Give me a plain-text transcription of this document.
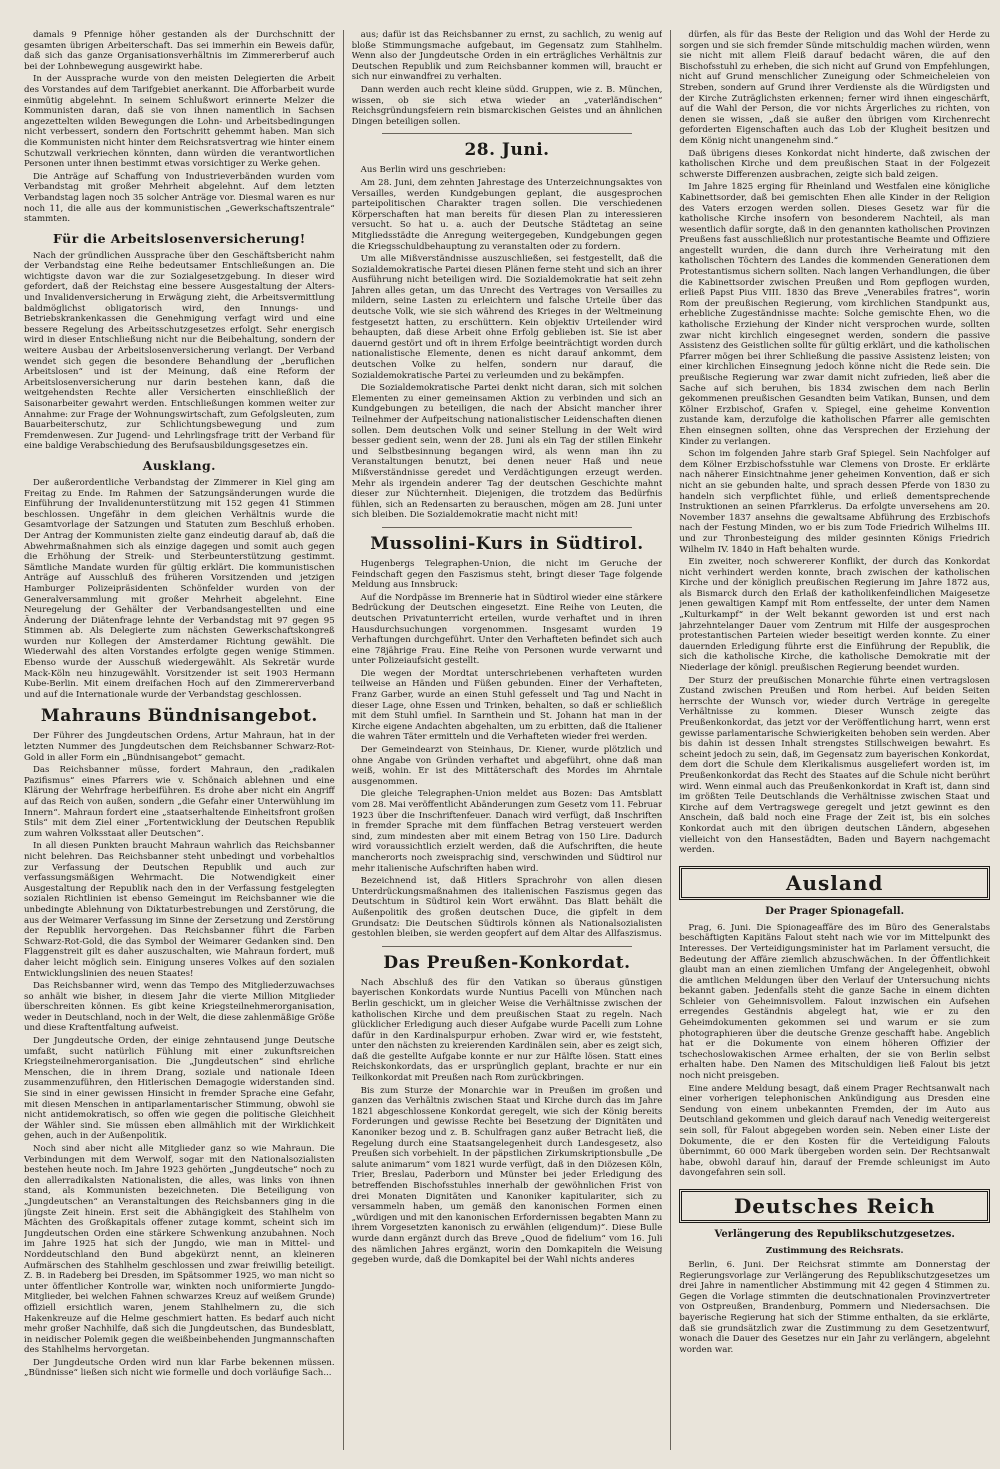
damals 9 Pfennige höher gestanden als der Durchschnitt der gesamten übrigen Arbeiterschaft. Das sei immerhin ein Beweis dafür, daß sich das ganze Organisationsverhältnis im Zimmererberuf auch bei der Lohnbewegung ausgewirkt habe.

In der Aussprache wurde von den meisten Delegierten die Arbeit des Vorstandes auf dem Tarifgebiet anerkannt. Die Afforbarbeit wurde einmütig abgelehnt. In seinem Schlußwort erinnerte Melzer die Kommunisten daran, daß sie von ihnen namentlich in Sachsen angezettelten wilden Bewegungen die Lohn- und Arbeitsbedingungen nicht verbessert, sondern den Fortschritt gehemmt haben. Man sich die Kommunisten nicht hinter dem Reichsratsvertrag wie hinter einem Schutzwall verkriechen könnten, dann würden die verantwortlichen Personen unter ihnen bestimmt etwas vorsichtiger zu Werke gehen.

Die Anträge auf Schaffung von Industrieverbänden wurden vom Verbandstag mit großer Mehrheit abgelehnt. Auf dem letzten Verbandstag lagen noch 35 solcher Anträge vor. Diesmal waren es nur noch 11, die alle aus der kommunistischen „Gewerkschaftszentrale“ stammten.

Für die Arbeitslosenversicherung!

Nach der gründlichen Aussprache über den Geschäftsbericht nahm der Verbandstag eine Reihe bedeutsamer Entschließungen an. Die wichtigste davon war die zur Sozialgesetzgebung. In dieser wird gefordert, daß der Reichstag eine bessere Ausgestaltung der Alters- und Invalidenversicherung in Erwägung zieht, die Arbeitsvermittlung baldmöglichst obligatorisch wird, den Innungs- und Betriebskrankenkassen die Genehmigung verfagt wird und eine bessere Regelung des Arbeitsschutzgesetzes erfolgt. Sehr energisch wird in dieser Entschließung nicht nur die Beibehaltung, sondern der weitere Ausbau der Arbeitslosenversicherung verlangt. Der Verband wendet sich gegen die besondere Behandlung der „beruflichen Arbeitslosen“ und ist der Meinung, daß eine Reform der Arbeitslosenversicherung nur darin bestehen kann, daß die weitgehendsten Rechte aller Versicherten einschließlich der Saisonarbeiter gewahrt werden. Entschließungen kommen weiter zur Annahme: zur Frage der Wohnungswirtschaft, zum Gefolgsleuten, zum Bauarbeiterschutz, zur Schlichtungsbewegung und zum Fremdenwesen. Zur Jugend- und Lehrlingsfrage tritt der Verband für eine baldige Verabschiedung des Berufsausbildungsgesetzes ein.

Ausklang.

Der außerordentliche Verbandstag der Zimmerer in Kiel ging am Freitag zu Ende. Im Rahmen der Satzungsänderungen wurde die Einführung der Invalidenunterstützung mit 152 gegen 41 Stimmen beschlossen. Ungefähr in dem gleichen Verhältnis wurde die Gesamtvorlage der Satzungen und Statuten zum Beschluß erhoben. Der Antrag der Kommunisten zielte ganz eindeutig darauf ab, daß die Abwehrmaßnahmen sich als einzige dagegen und somit auch gegen die Erhöhung der Streik- und Sterbeunterstützung gestimmt. Sämtliche Mandate wurden für gültig erklärt. Die kommunistischen Anträge auf Ausschluß des früheren Vorsitzenden und jetzigen Hamburger Polizeipräsidenten Schönfelder wurden von der Generalversammlung mit großer Mehrheit abgelehnt. Eine Neuregelung der Gehälter der Verbandsangestellten und eine Änderung der Diätenfrage lehnte der Verbandstag mit 97 gegen 95 Stimmen ab. Als Delegierte zum nächsten Gewerkschaftskongreß wurden nur Kollegen der Amsterdamer Richtung gewählt. Die Wiederwahl des alten Vorstandes erfolgte gegen wenige Stimmen. Ebenso wurde der Ausschuß wiedergewählt. Als Sekretär wurde Mack-Köln neu hinzugewählt. Vorsitzender ist seit 1903 Hermann Kube-Berlin. Mit einem dreifachen Hoch auf den Zimmererverband und auf die Internationale wurde der Verbandstag geschlossen.

Mahrauns Bündnisangebot.

Der Führer des Jungdeutschen Ordens, Artur Mahraun, hat in der letzten Nummer des Jungdeutschen dem Reichsbanner Schwarz-Rot-Gold in aller Form ein „Bündnisangebot“ gemacht.

Das Reichsbanner müsse, fordert Mahraun, den „radikalen Pazifismus“ eines Pfarrers wie v. Schönaich ablehnen und eine Klärung der Wehrfrage herbeiführen. Es drohe aber nicht ein Angriff auf das Reich von außen, sondern „die Gefahr einer Unterwühlung im Innern“. Mahraun fordert eine „staatserhaltende Einheitsfront großen Stils“ mit dem Ziel einer „Fortentwicklung der Deutschen Republik zum wahren Volksstaat aller Deutschen“.

In all diesen Punkten braucht Mahraun wahrlich das Reichsbanner nicht belehren. Das Reichsbanner steht unbedingt und vorbehaltlos zur Verfassung der Deutschen Republik und auch zur verfassungsmäßigen Wehrmacht. Die Notwendigkeit einer Ausgestaltung der Republik nach den in der Verfassung festgelegten sozialen Richtlinien ist ebenso Gemeingut im Reichsbanner wie die unbedingte Ablehnung von Diktaturbestrebungen und Zerstörung, die aus der Weimarer Verfassung im Sinne der Zersetzung und Zerstörung der Republik hervorgehen. Das Reichsbanner führt die Farben Schwarz-Rot-Gold, die das Symbol der Weimarer Gedanken sind. Den Flaggenstreit gilt es daher auszuschalten, wie Mahraun fordert, muß daher leicht möglich sein. Einigung unseres Volkes auf den sozialen Entwicklungslinien des neuen Staates!

Das Reichsbanner wird, wenn das Tempo des Mitgliederzuwachses so anhält wie bisher, in diesem Jahr die vierte Million Mitglieder überschreiten können. Es gibt keine Kriegsteilnehmerorganisation, weder in Deutschland, noch in der Welt, die diese zahlenmäßige Größe und diese Kraftentfaltung aufweist.

Der Jungdeutsche Orden, der einige zehntausend junge Deutsche umfaßt, sucht natürlich Fühlung mit einer zukunftsreichen Kriegsteilnehmerorganisation. Die „Jungdeutschen“ sind ehrliche Menschen, die in ihrem Drang, soziale und nationale Ideen zusammenzuführen, den Hitlerischen Demagogie widerstanden sind. Sie sind in einer gewissen Hinsicht in fremder Sprache eine Gefahr, mit diesen Menschen in antiparlamentarischer Stimmung, obwohl sie nicht antidemokratisch, so offen wie gegen die politische Gleichheit der Wähler sind. Sie müssen eben allmählich mit der Wirklichkeit gehen, auch in der Außenpolitik.

Noch sind aber nicht alle Mitglieder ganz so wie Mahraun. Die Verbindungen mit dem Werwolf, sogar mit den Nationalsozialisten bestehen heute noch. Im Jahre 1923 gehörten „Jungdeutsche“ noch zu den allerradikalsten Nationalisten, die alles, was links von ihnen stand, als Kommunisten bezeichneten. Die Beteiligung von „Jungdeutschen“ an Veranstaltungen des Reichsbanners ging in die jüngste Zeit hinein. Erst seit die Abhängigkeit des Stahlhelm von Mächten des Großkapitals offener zutage kommt, scheint sich im Jungdeutschen Orden eine stärkere Schwenkung anzubahnen. Noch im Jahre 1925 hat sich der Jungdo, wie man in Mittel- und Norddeutschland den Bund abgekürzt nennt, an kleineren Aufmärschen des Stahlhelm geschlossen und zwar freiwillig beteiligt. Z. B. in Radeberg bei Dresden, im Spätsommer 1925, wo man nicht so unter öffentlicher Kontrolle war, winkten noch uniformierte Jungdo-Mitglieder, bei welchen Fahnen schwarzes Kreuz auf weißem Grunde) offiziell ersichtlich waren, jenem Stahlhelmern zu, die sich Hakenkreuze auf die Helme geschmiert hatten. Es bedarf auch nicht mehr großer Nachhilfe, daß sich die Jungdeutschen, das Bundesblatt, in neidischer Polemik gegen die weißbeinbehenden Jungmannschaften des Stahlhelms hervorgetan.

Der Jungdeutsche Orden wird nun klar Farbe bekennen müssen. „Bündnisse“ ließen sich nicht wie formelle und doch vorläufige Sach...

aus; dafür ist das Reichsbanner zu ernst, zu sachlich, zu wenig auf bloße Stimmungsmache aufgebaut, im Gegensatz zum Stahlhelm. Wenn also der Jungdeutsche Orden in ein erträgliches Verhältnis zur Deutschen Republik und zum Reichsbanner kommen will, braucht er sich nur einwandfrei zu verhalten.

Dann werden auch recht kleine südd. Gruppen, wie z. B. München, wissen, ob sie sich etwa wieder an „vaterländischen“ Reichsgründungsfeiern rein bismarckischen Geistes und an ähnlichen Dingen beteiligen sollen.

28. Juni.

Aus Berlin wird uns geschrieben:

Am 28. Juni, dem zehnten Jahrestage des Unterzeichnungsaktes von Versailles, werden Kundgebungen geplant, die ausgesprochen parteipolitischen Charakter tragen sollen. Die verschiedenen Körperschaften hat man bereits für diesen Plan zu interessieren versucht. So hat u. a. auch der Deutsche Städtetag an seine Mitgliedsstädte die Anregung weitergegeben, Kundgebungen gegen die Kriegsschuldbehauptung zu veranstalten oder zu fordern.

Um alle Mißverständnisse auszuschließen, sei festgestellt, daß die Sozialdemokratische Partei diesen Plänen ferne steht und sich an ihrer Ausführung nicht beteiligen wird. Die Sozialdemokratie hat seit zehn Jahren alles getan, um das Unrecht des Vertrages von Versailles zu mildern, seine Lasten zu erleichtern und falsche Urteile über das deutsche Volk, wie sie sich während des Krieges in der Weltmeinung festgesetzt hatten, zu erschüttern. Kein objektiv Urteilender wird behaupten, daß diese Arbeit ohne Erfolg geblieben ist. Sie ist aber dauernd gestört und oft in ihrem Erfolge beeinträchtigt worden durch nationalistische Elemente, denen es nicht darauf ankommt, dem deutschen Volke zu helfen, sondern nur darauf, die Sozialdemokratische Partei zu verleumden und zu bekämpfen.

Die Sozialdemokratische Partei denkt nicht daran, sich mit solchen Elementen zu einer gemeinsamen Aktion zu verbinden und sich an Kundgebungen zu beteiligen, die nach der Absicht mancher ihrer Teilnehmer der Aufpeitschung nationalistischer Leidenschaften dienen sollen. Dem deutschen Volk und seiner Stellung in der Welt wird besser gedient sein, wenn der 28. Juni als ein Tag der stillen Einkehr und Selbstbesinnung begangen wird, als wenn man ihn zu Veranstaltungen benutzt, bei denen neuer Haß und neue Mißverständnisse geredet und Verdächtigungen erzeugt werden. Mehr als irgendein anderer Tag der deutschen Geschichte mahnt dieser zur Nüchternheit. Diejenigen, die trotzdem das Bedürfnis fühlen, sich an Redensarten zu berauschen, mögen am 28. Juni unter sich bleiben. Die Sozialdemokratie macht nicht mit!

Mussolini-Kurs in Südtirol.

Hugenbergs Telegraphen-Union, die nicht im Geruche der Feindschaft gegen den Faszismus steht, bringt dieser Tage folgende Meldung aus Innsbruck:

Auf die Nordpässe im Brennerie hat in Südtirol wieder eine stärkere Bedrückung der Deutschen eingesetzt. Eine Reihe von Leuten, die deutschen Privatunterricht erteilen, wurde verhaftet und in ihren Hausdurchsuchungen vorgenommen. Insgesamt wurden 19 Verhaftungen durchgeführt. Unter den Verhafteten befindet sich auch eine 78jährige Frau. Eine Reihe von Personen wurde verwarnt und unter Polizeiaufsicht gestellt.

Die wegen der Mordtat unterschriebenen verhafteten wurden teilweise an Händen und Füßen gebunden. Einer der Verhafteten, Franz Garber, wurde an einen Stuhl gefesselt und Tag und Nacht in dieser Lage, ohne Essen und Trinken, behalten, so daß er schließlich mit dem Stuhl umfiel. In Sarnthein und St. Johann hat man in der Kirche eigene Andachten abgehalten, um zu erbitten, daß die Italiener die wahren Täter ermitteln und die Verhafteten wieder frei werden.

Der Gemeindearzt von Steinhaus, Dr. Kiener, wurde plötzlich und ohne Angabe von Gründen verhaftet und abgeführt, ohne daß man weiß, wohin. Er ist des Mittäterschaft des Mordes im Ahrntale ausgenommen.

Die gleiche Telegraphen-Union meldet aus Bozen: Das Amtsblatt vom 28. Mai veröffentlicht Abänderungen zum Gesetz vom 11. Februar 1923 über die Inschriftenfeuer. Danach wird verfügt, daß Inschriften in fremder Sprache mit dem fünffachen Betrag versteuert werden sind, zum mindesten aber mit einem Betrag von 150 Lire. Dadurch wird voraussichtlich erzielt werden, daß die Aufschriften, die heute mancherorts noch zweisprachig sind, verschwinden und Südtirol nur mehr italienische Aufschriften haben wird.

Bezeichnend ist, daß Hitlers Sprachrohr von allen diesen Unterdrückungsmaßnahmen des italienischen Faszismus gegen das Deutschtum in Südtirol kein Wort erwähnt. Das Blatt behält die Außenpolitik des großen deutschen Duce, die gipfelt in dem Grundsatz: Die Deutschen Südtirols können als Nationalsozialisten gestohlen bleiben, sie werden geopfert auf dem Altar des Allfaszismus.

Das Preußen-Konkordat.

Nach Abschluß des für den Vatikan so überaus günstigen bayerischen Konkordats wurde Nuntius Pacelli von München nach Berlin geschickt, um in gleicher Weise die Verhältnisse zwischen der katholischen Kirche und dem preußischen Staat zu regeln. Nach glücklicher Erledigung auch dieser Aufgabe wurde Pacelli zum Lohne dafür in den Kardinalspurpur erhoben. Zwar wird er, wie feststeht, unter den nächsten zu kreierenden Kardinälen sein, aber es zeigt sich, daß die gestellte Aufgabe konnte er nur zur Hälfte lösen. Statt eines Reichskonkordats, das er ursprünglich geplant, brachte er nur ein Teilkonkordat mit Preußen nach Rom zurückbringen.

Bis zum Sturze der Monarchie war in Preußen im großen und ganzen das Verhältnis zwischen Staat und Kirche durch das im Jahre 1821 abgeschlossene Konkordat geregelt, wie sich der König bereits Forderungen und gewisse Rechte bei Besetzung der Dignitäten und Kanoniker bezog und z. B. Schulfragen ganz außer Betracht ließ, die Regelung durch eine Staatsangelegenheit durch Landesgesetz, also Preußen sich vorbehielt. In der päpstlichen Zirkumskriptionsbulle „De salute animarum“ vom 1821 wurde verfügt, daß in den Diözesen Köln, Trier, Breslau, Paderborn und Münster bei jeder Erledigung des betreffenden Bischofsstuhles innerhalb der gewöhnlichen Frist von drei Monaten Dignitäten und Kanoniker kapitulariter, sich zu versammeln haben, um gemäß den kanonischen Formen einen „würdigen und mit den kanonischen Erfordernissen begabten Mann zu ihrem Vorgesetzten kanonisch zu erwählen (eligendum)“. Diese Bulle wurde dann ergänzt durch das Breve „Quod de fidelium“ vom 16. Juli des nämlichen Jahres ergänzt, worin den Domkapiteln die Weisung gegeben wurde, daß die Domkapitel bei der Wahl nichts anderes

dürfen, als für das Beste der Religion und das Wohl der Herde zu sorgen und sie sich fremder Sünde mitschuldig machen würden, wenn sie nicht mit allem Fleiß darauf bedacht wären, die auf den Bischofsstuhl zu erheben, die sich nicht auf Grund von Empfehlungen, nicht auf Grund menschlicher Zuneigung oder Schmeicheleien von Streben, sondern auf Grund ihrer Verdienste als die Würdigsten und der Kirche Zuträglichsten erkennen; ferner wird ihnen eingeschärft, auf die Wahl der Person, die vor nichts Ärgerliches zu richten, von denen sie wissen, „daß sie außer den übrigen vom Kirchenrecht geforderten Eigenschaften auch das Lob der Klugheit besitzen und dem König nicht unangenehm sind.“

Daß übrigens dieses Konkordat nicht hinderte, daß zwischen der katholischen Kirche und dem preußischen Staat in der Folgezeit schwerste Differenzen ausbrachen, zeigte sich bald zeigen.

Im Jahre 1825 erging für Rheinland und Westfalen eine königliche Kabinettsorder, daß bei gemischten Ehen alle Kinder in der Religion des Vaters erzogen werden sollen. Dieses Gesetz war für die katholische Kirche insofern von besonderem Nachteil, als man wesentlich dafür sorgte, daß in den genannten katholischen Provinzen Preußens fast ausschließlich nur protestantische Beamte und Offiziere angestellt wurden, die dann durch ihre Verheiratung mit den katholischen Töchtern des Landes die kommenden Generationen dem Protestantismus sichern sollten. Nach langen Verhandlungen, die über die Kabinettsorder zwischen Preußen und Rom gepflogen wurden, erließ Papst Pius VIII. 1830 das Breve „Venerabiles fratres“, worin Rom der preußischen Regierung, vom kirchlichen Standpunkt aus, erhebliche Zugeständnisse machte: Solche gemischte Ehen, wo die katholische Erziehung der Kinder nicht versprochen wurde, sollten zwar nicht kirchlich eingesegnet werden, sondern die passive Assistenz des Geistlichen sollte für gültig erklärt, und die katholischen Pfarrer mögen bei ihrer Schließung die passive Assistenz leisten; von einer kirchlichen Einsegnung jedoch könne nicht die Rede sein. Die preußische Regierung war zwar damit nicht zufrieden, ließ aber die Sache auf sich beruhen, bis 1834 zwischen dem nach Berlin gekommenen preußischen Gesandten beim Vatikan, Bunsen, und dem Kölner Erzbischof, Grafen v. Spiegel, eine geheime Konvention zustande kam, derzufolge die katholischen Pfarrer alle gemischten Ehen einsegnen sollten, ohne das Versprechen der Erziehung der Kinder zu verlangen.

Schon im folgenden Jahre starb Graf Spiegel. Sein Nachfolger auf dem Kölner Erzbischofsstuhle war Clemens von Droste. Er erklärte nach näherer Einsichtnahme jener geheimen Konvention, daß er sich nicht an sie gebunden halte, und sprach dessen Pferde von 1830 zu handeln sich verpflichtet fühle, und erließ dementsprechende Instruktionen an seinen Pfarrklerus. Da erfolgte unversehens am 20. November 1837 ansehns die gewaltsame Abführung des Erzbischofs nach der Festung Minden, wo er bis zum Tode Friedrich Wilhelms III. und zur Thronbesteigung des milder gesinnten Königs Friedrich Wilhelm IV. 1840 in Haft behalten wurde.

Ein zweiter, noch schwererer Konflikt, der durch das Konkordat nicht verhindert werden konnte, brach zwischen der katholischen Kirche und der königlich preußischen Regierung im Jahre 1872 aus, als Bismarck durch den Erlaß der katholikenfeindlichen Maigesetze jenen gewaltigen Kampf mit Rom entfesselte, der unter dem Namen „Kulturkampf“ in der Welt bekannt geworden ist und erst nach jahrzehntelanger Dauer vom Zentrum mit Hilfe der ausgesprochen protestantischen Parteien wieder beseitigt werden konnte. Zu einer dauernden Erledigung führte erst die Einführung der Republik, die sich die katholische Kirche, die katholische Demokratie mit der Niederlage der königl. preußischen Regierung beendet wurden.

Der Sturz der preußischen Monarchie führte einen vertragslosen Zustand zwischen Preußen und Rom herbei. Auf beiden Seiten herrschte der Wunsch vor, wieder durch Verträge in geregelte Verhältnisse zu kommen. Dieser Wunsch zeigte das Preußenkonkordat, das jetzt vor der Veröffentlichung harrt, wenn erst gewisse parlamentarische Schwierigkeiten behoben sein werden. Aber bis dahin ist dessen Inhalt strengstes Stillschweigen bewahrt. Es scheint jedoch zu sein, daß, im Gegensatz zum bayerischen Konkordat, dem dort die Schule dem Klerikalismus ausgeliefert worden ist, im Preußenkonkordat das Recht des Staates auf die Schule nicht berührt wird. Wenn einmal auch das Preußenkonkordat in Kraft ist, dann sind im größten Teile Deutschlands die Verhältnisse zwischen Staat und Kirche auf dem Vertragswege geregelt und jetzt gewinnt es den Anschein, daß bald noch eine Frage der Zeit ist, bis ein solches Konkordat auch mit den übrigen deutschen Ländern, abgesehen vielleicht von den Hansestädten, Baden und Bayern nachgemacht werden.

Ausland
Der Prager Spionagefall.

Prag, 6. Juni. Die Spionageaffäre des im Büro des Generalstabs beschäftigten Kapitäns Falout steht nach wie vor im Mittelpunkt des Interesses. Der Verteidigungsminister hat im Parlament versucht, die Bedeutung der Affäre ziemlich abzuschwächen. In der Öffentlichkeit glaubt man an einen ziemlichen Umfang der Angelegenheit, obwohl die amtlichen Meldungen über den Verlauf der Untersuchung nichts bekannt gaben. Jedenfalls steht die ganze Sache in einem dichten Schleier von Geheimnisvollem. Falout inzwischen ein Aufsehen erregendes Geständnis abgelegt hat, wie er zu den Geheimdokumenten gekommen sei und warum er sie zum photographieren über die deutsche Grenze geschafft habe. Angeblich hat er die Dokumente von einem höheren Offizier der tschechoslowakischen Armee erhalten, der sie von Berlin selbst erhalten habe. Den Namen des Mitschuldigen ließ Falout bis jetzt noch nicht preisgeben.

Eine andere Meldung besagt, daß einem Prager Rechtsanwalt nach einer vorherigen telephonischen Ankündigung aus Dresden eine Sendung von einem unbekannten Fremden, der im Auto aus Deutschland gekommen und gleich darauf nach Venedig weitergereist sein soll, für Falout abgegeben worden sein. Neben einer Liste der Dokumente, die er den Kosten für die Verteidigung Falouts übernimmt, 60 000 Mark übergeben worden sein. Der Rechtsanwalt habe, obwohl darauf hin, darauf der Fremde schleunigst im Auto davongefahren sein soll.

Deutsches Reich
Verlängerung des Republikschutzgesetzes.
Zustimmung des Reichsrats.

Berlin, 6. Juni. Der Reichsrat stimmte am Donnerstag der Regierungsvorlage zur Verlängerung des Republikschutzgesetzes um drei Jahre in namentlicher Abstimmung mit 42 gegen 4 Stimmen zu. Gegen die Vorlage stimmten die deutschnationalen Provinzvertreter von Ostpreußen, Brandenburg, Pommern und Niedersachsen. Die bayerische Regierung hat sich der Stimme enthalten, da sie erklärte, daß sie grundsätzlich zwar die Zustimmung zu dem Gesetzentwurf, wonach die Dauer des Gesetzes nur ein Jahr zu verlängern, abgelehnt worden war.
